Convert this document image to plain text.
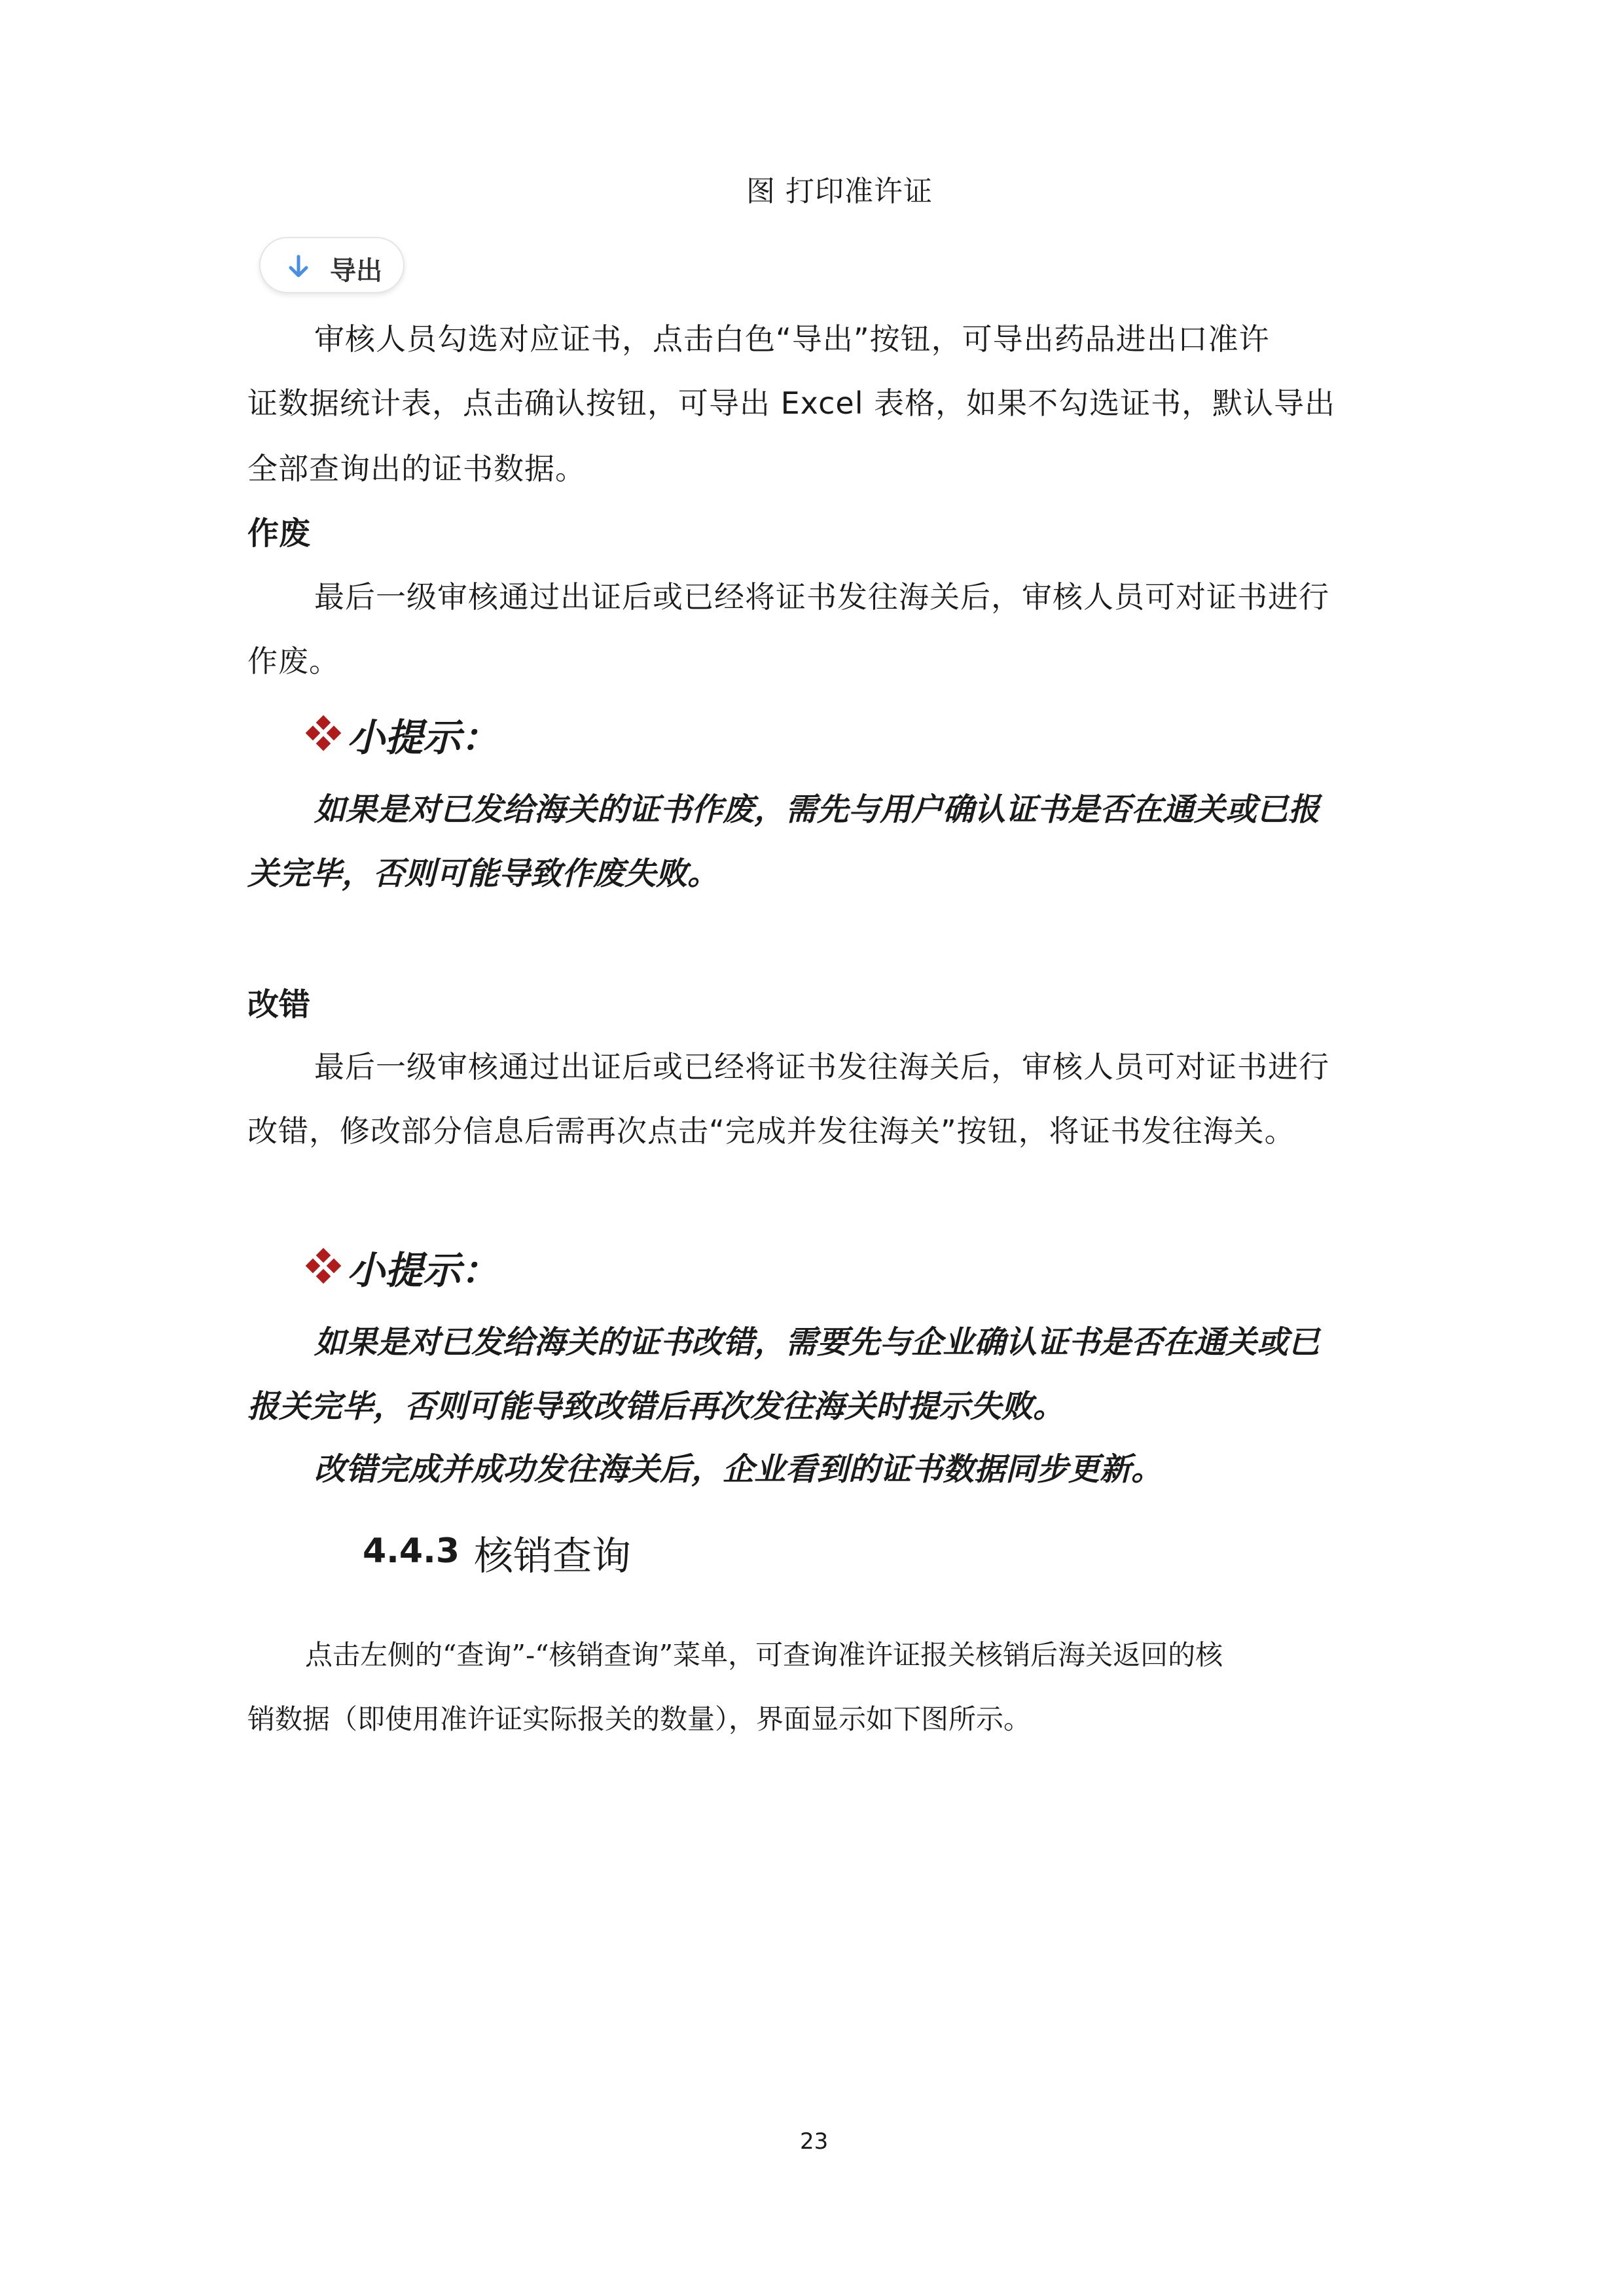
图 打印准许证
导出
审核人员勾选对应证书，点击白色“导出”按钮，可导出药品进出口准许
证数据统计表，点击确认按钮，可导出 Excel 表格，如果不勾选证书，默认导出
全部查询出的证书数据。
作废
最后一级审核通过出证后或已经将证书发往海关后，审核人员可对证书进行
作废。
小提示：
如果是对已发给海关的证书作废，需先与用户确认证书是否在通关或已报
关完毕，否则可能导致作废失败。
改错
最后一级审核通过出证后或已经将证书发往海关后，审核人员可对证书进行
改错，修改部分信息后需再次点击“完成并发往海关”按钮，将证书发往海关。
小提示：
如果是对已发给海关的证书改错，需要先与企业确认证书是否在通关或已
报关完毕，否则可能导致改错后再次发往海关时提示失败。
改错完成并成功发往海关后，企业看到的证书数据同步更新。
4.4.3 核销查询
点击左侧的“查询”-“核销查询”菜单，可查询准许证报关核销后海关返回的核
销数据（即使用准许证实际报关的数量），界面显示如下图所示。
23
